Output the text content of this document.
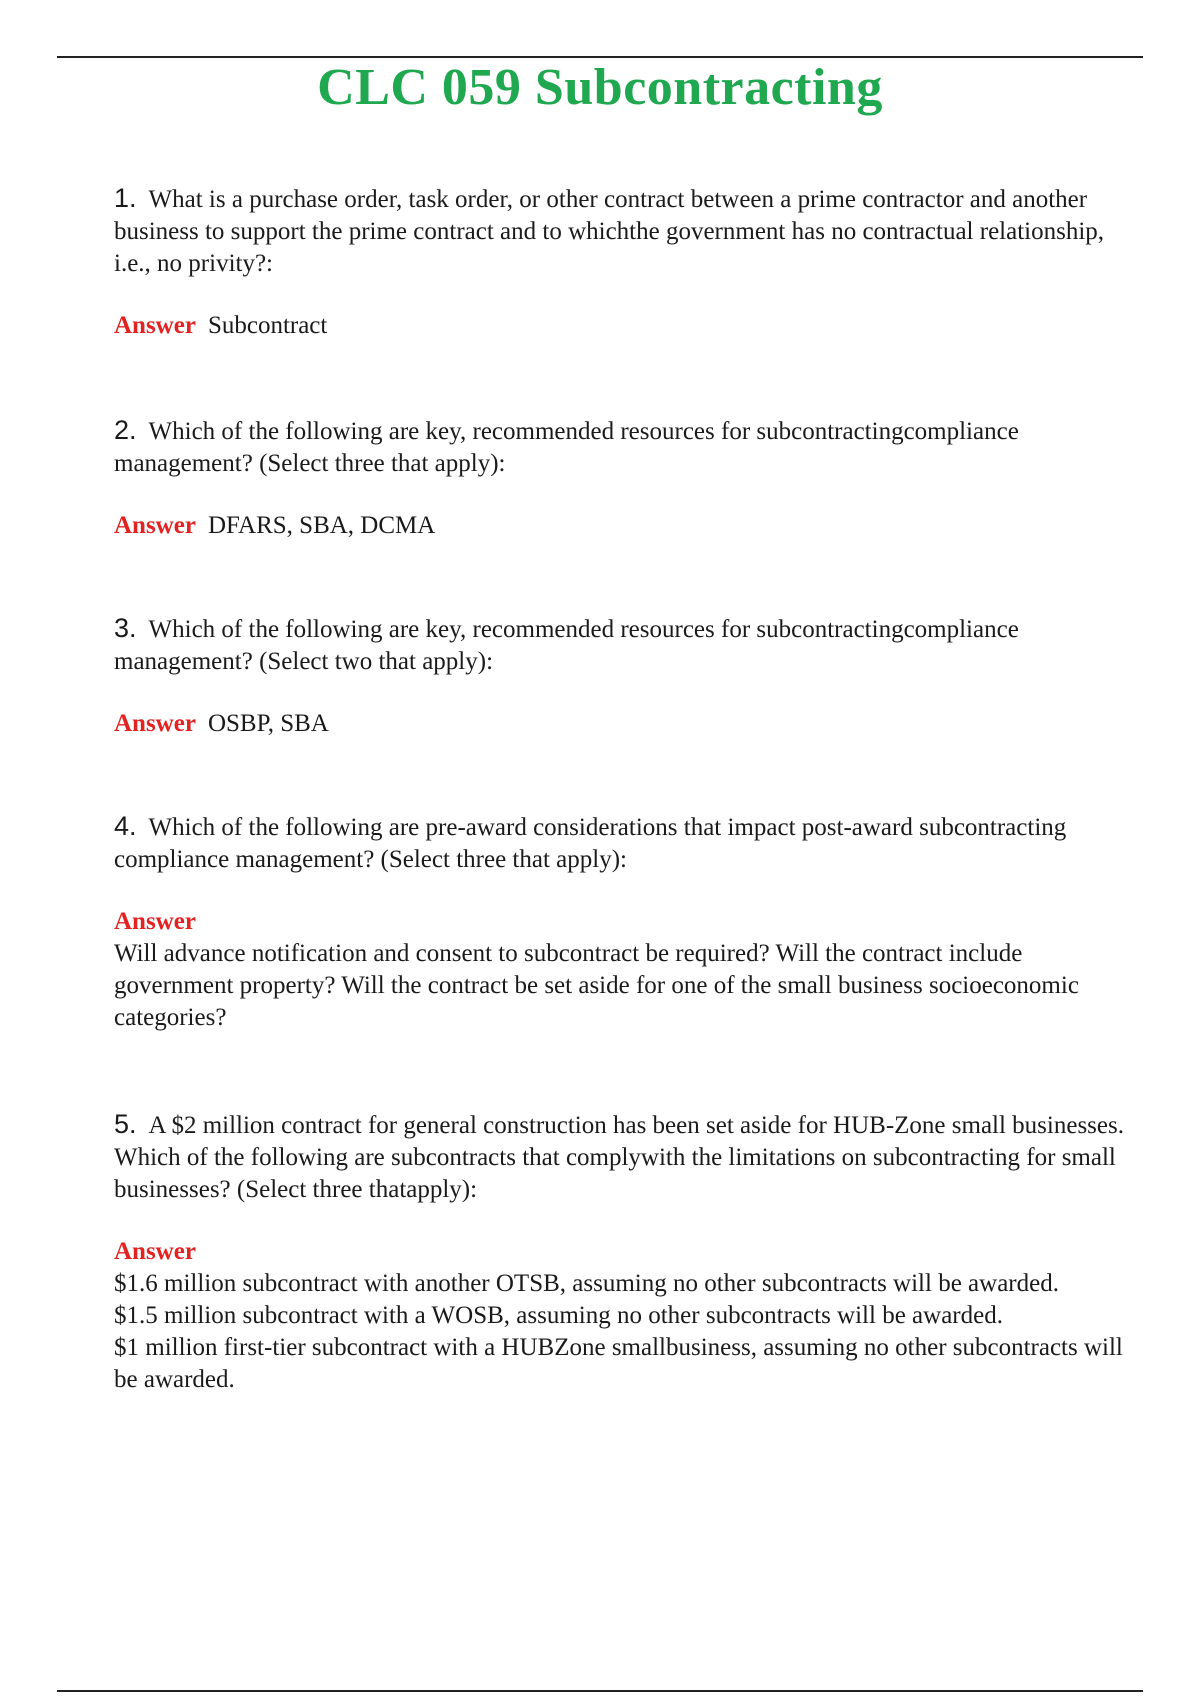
CLC 059 Subcontracting

1. What is a purchase order, task order, or other contract between a prime contractor and another business to support the prime contract and to whichthe government has no contractual relationship, i.e., no privity?:

Answer Subcontract

2. Which of the following are key, recommended resources for subcontractingcompliance management? (Select three that apply):

Answer DFARS, SBA, DCMA

3. Which of the following are key, recommended resources for subcontractingcompliance management? (Select two that apply):

Answer OSBP, SBA

4. Which of the following are pre-award considerations that impact post-award subcontracting compliance management? (Select three that apply):

Answer
Will advance notification and consent to subcontract be required? Will the contract include government property? Will the contract be set aside for one of the small business socioeconomic categories?

5. A $2 million contract for general construction has been set aside for HUB-Zone small businesses. Which of the following are subcontracts that complywith the limitations on subcontracting for small businesses? (Select three thatapply):

Answer
$1.6 million subcontract with another OTSB, assuming no other subcontracts will be awarded.
$1.5 million subcontract with a WOSB, assuming no other subcontracts will be awarded.
$1 million first-tier subcontract with a HUBZone smallbusiness, assuming no other subcontracts will be awarded.
